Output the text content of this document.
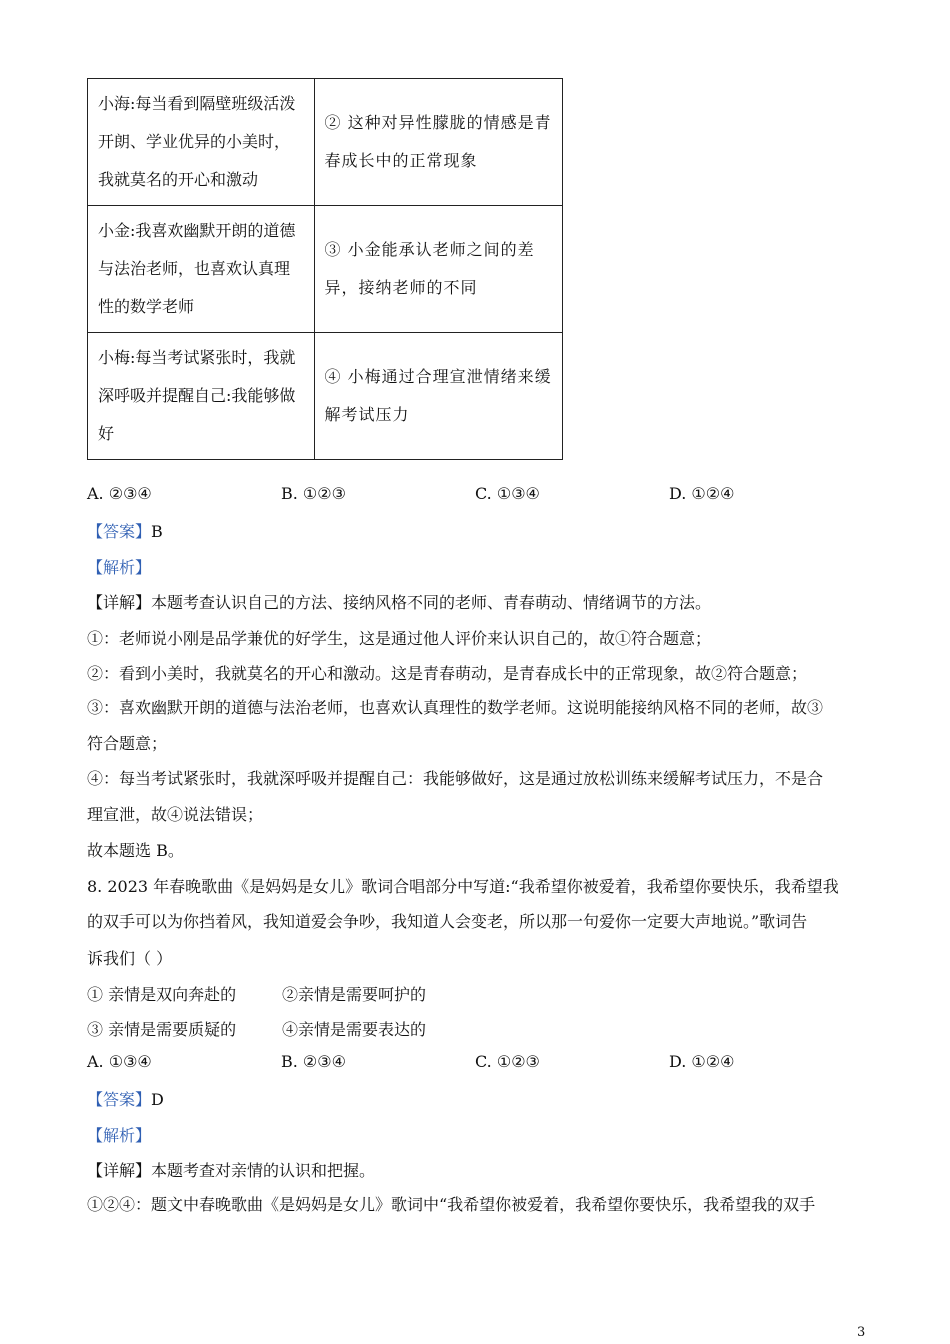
小海:每当看到隔壁班级活泼开朗、学业优异的小美时，我就莫名的开心和激动	② 这种对异性朦胧的情感是青春成长中的正常现象
小金:我喜欢幽默开朗的道德与法治老师，也喜欢认真理性的数学老师	③ 小金能承认老师之间的差异，接纳老师的不同
小梅:每当考试紧张时，我就深呼吸并提醒自己:我能够做好	④ 小梅通过合理宣泄情绪来缓解考试压力
A. ②③④	B. ①②③	C. ①③④	D. ①②④
【答案】B
【解析】
【详解】本题考查认识自己的方法、接纳风格不同的老师、青春萌动、情绪调节的方法。
①：老师说小刚是品学兼优的好学生，这是通过他人评价来认识自己的，故①符合题意；
②：看到小美时，我就莫名的开心和激动。这是青春萌动，是青春成长中的正常现象，故②符合题意；
③：喜欢幽默开朗的道德与法治老师，也喜欢认真理性的数学老师。这说明能接纳风格不同的老师，故③
符合题意；
④：每当考试紧张时，我就深呼吸并提醒自己：我能够做好，这是通过放松训练来缓解考试压力，不是合
理宣泄，故④说法错误；
故本题选 B。
8. 2023 年春晚歌曲《是妈妈是女儿》歌词合唱部分中写道:“我希望你被爱着，我希望你要快乐，我希望我
的双手可以为你挡着风，我知道爱会争吵，我知道人会变老，所以那一句爱你一定要大声地说。”歌词告
诉我们（ ）
① 亲情是双向奔赴的	②亲情是需要呵护的
③ 亲情是需要质疑的	④亲情是需要表达的
A. ①③④	B. ②③④	C. ①②③	D. ①②④
【答案】D
【解析】
【详解】本题考查对亲情的认识和把握。
①②④：题文中春晚歌曲《是妈妈是女儿》歌词中“我希望你被爱着，我希望你要快乐，我希望我的双手
3
